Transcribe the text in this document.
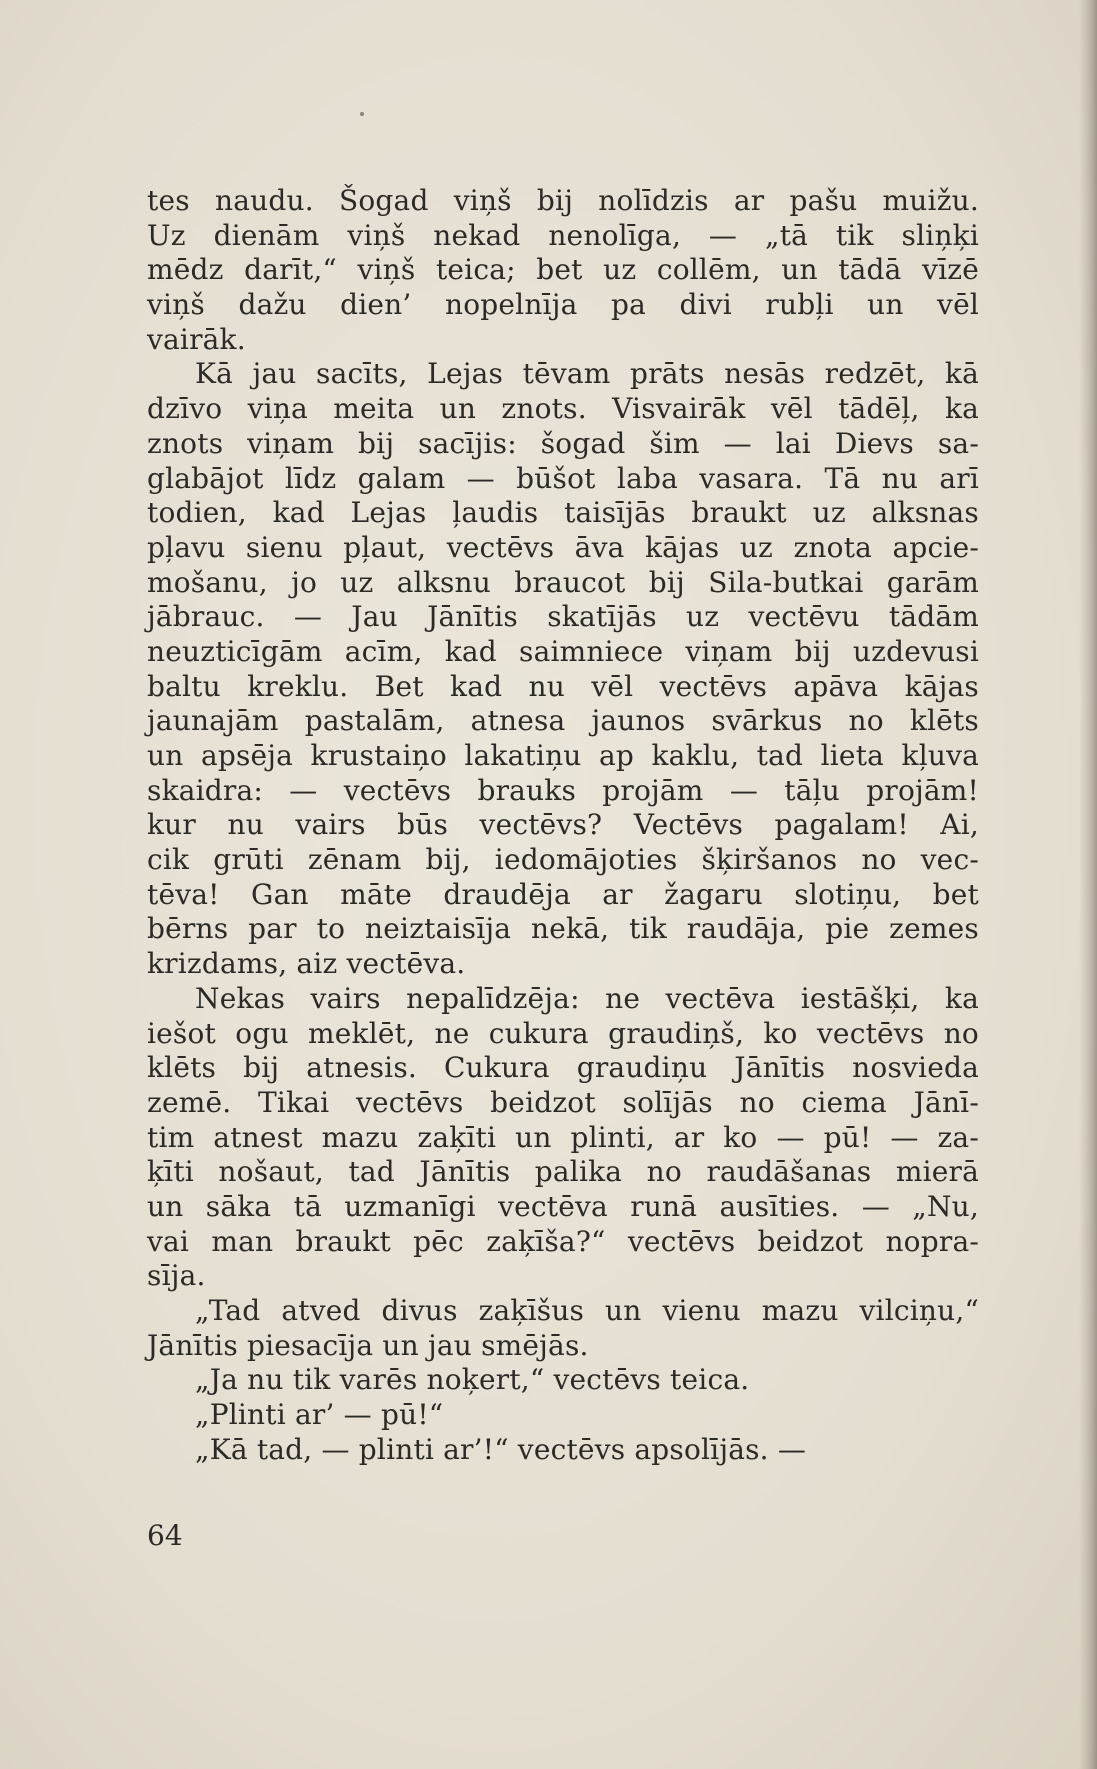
tes naudu. Šogad viņš bij nolīdzis ar pašu muižu.
Uz dienām viņš nekad nenolīga, — „tā tik sliņķi
mēdz darīt,“ viņš teica; bet uz collēm, un tādā vīzē
viņš dažu dien’ nopelnīja pa divi rubļi un vēl
vairāk.
Kā jau sacīts, Lejas tēvam prāts nesās redzēt, kā
dzīvo viņa meita un znots. Visvairāk vēl tādēļ, ka
znots viņam bij sacījis: šogad šim — lai Dievs sa-
glabājot līdz galam — būšot laba vasara. Tā nu arī
todien, kad Lejas ļaudis taisījās braukt uz alksnas
pļavu sienu pļaut, vectēvs āva kājas uz znota apcie-
mošanu, jo uz alksnu braucot bij Sila-butkai garām
jābrauc. — Jau Jānītis skatījās uz vectēvu tādām
neuzticīgām acīm, kad saimniece viņam bij uzdevusi
baltu kreklu. Bet kad nu vēl vectēvs apāva kājas
jaunajām pastalām, atnesa jaunos svārkus no klēts
un apsēja krustaiņo lakatiņu ap kaklu, tad lieta kļuva
skaidra: — vectēvs brauks projām — tāļu projām!
kur nu vairs būs vectēvs? Vectēvs pagalam! Ai,
cik grūti zēnam bij, iedomājoties šķiršanos no vec-
tēva! Gan māte draudēja ar žagaru slotiņu, bet
bērns par to neiztaisīja nekā, tik raudāja, pie zemes
krizdams, aiz vectēva.
Nekas vairs nepalīdzēja: ne vectēva iestāšķi, ka
iešot ogu meklēt, ne cukura graudiņš, ko vectēvs no
klēts bij atnesis. Cukura graudiņu Jānītis nosvieda
zemē. Tikai vectēvs beidzot solījās no ciema Jānī-
tim atnest mazu zaķīti un plinti, ar ko — pū! — za-
ķīti nošaut, tad Jānītis palika no raudāšanas mierā
un sāka tā uzmanīgi vectēva runā ausīties. — „Nu,
vai man braukt pēc zaķīša?“ vectēvs beidzot nopra-
sīja.
„Tad atved divus zaķīšus un vienu mazu vilciņu,“
Jānītis piesacīja un jau smējās.
„Ja nu tik varēs noķert,“ vectēvs teica.
„Plinti ar’ — pū!“
„Kā tad, — plinti ar’!“ vectēvs apsolījās. —
64
